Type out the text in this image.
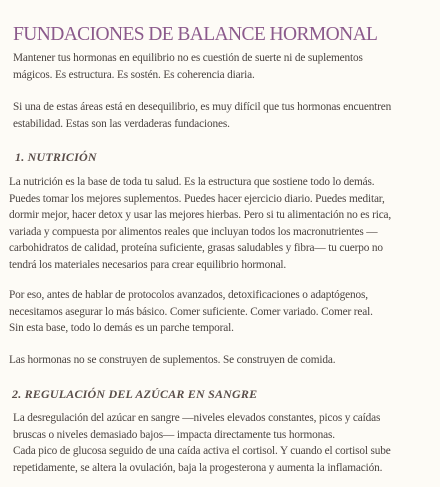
FUNDACIONES DE BALANCE HORMONAL
Mantener tus hormonas en equilibrio no es cuestión de suerte ni de suplementos
mágicos. Es estructura. Es sostén. Es coherencia diaria.
Si una de estas áreas está en desequilibrio, es muy difícil que tus hormonas encuentren
estabilidad. Estas son las verdaderas fundaciones.
1. NUTRICIÓN
La nutrición es la base de toda tu salud. Es la estructura que sostiene todo lo demás.
Puedes tomar los mejores suplementos. Puedes hacer ejercicio diario. Puedes meditar,
dormir mejor, hacer detox y usar las mejores hierbas. Pero si tu alimentación no es rica,
variada y compuesta por alimentos reales que incluyan todos los macronutrientes —
carbohidratos de calidad, proteína suficiente, grasas saludables y fibra— tu cuerpo no
tendrá los materiales necesarios para crear equilibrio hormonal.
Por eso, antes de hablar de protocolos avanzados, detoxificaciones o adaptógenos,
necesitamos asegurar lo más básico. Comer suficiente. Comer variado. Comer real.
Sin esta base, todo lo demás es un parche temporal.
Las hormonas no se construyen de suplementos. Se construyen de comida.
2. REGULACIÓN DEL AZÚCAR EN SANGRE
La desregulación del azúcar en sangre —niveles elevados constantes, picos y caídas
bruscas o niveles demasiado bajos— impacta directamente tus hormonas.
Cada pico de glucosa seguido de una caída activa el cortisol. Y cuando el cortisol sube
repetidamente, se altera la ovulación, baja la progesterona y aumenta la inflamación.
